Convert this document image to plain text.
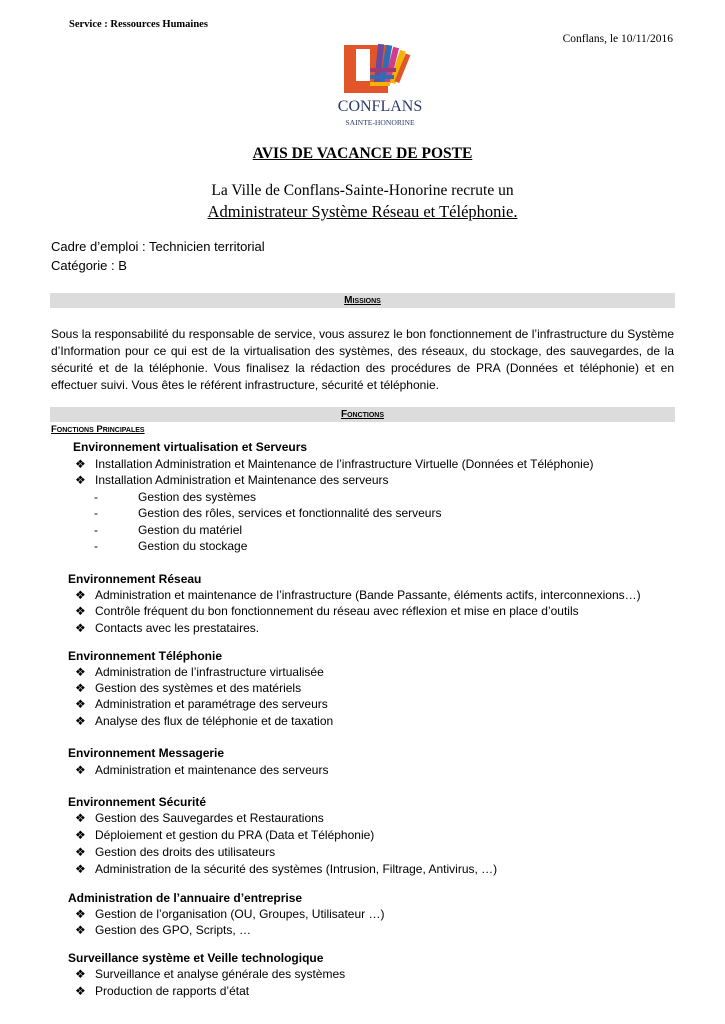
Service : Ressources Humaines
Conflans, le 10/11/2016
CONFLANS
SAINTE-HONORINE
AVIS DE VACANCE DE POSTE
La Ville de Conflans-Sainte-Honorine recrute un
Administrateur Système Réseau et Téléphonie.
Cadre d’emploi : Technicien territorial
Catégorie : B
Missions
Sous la responsabilité du responsable de service, vous assurez le bon fonctionnement de l’infrastructure du Système d’Information pour ce qui est de la virtualisation des systèmes, des réseaux, du stockage, des sauvegardes, de la sécurité et de la téléphonie. Vous finalisez la rédaction des procédures de PRA (Données et téléphonie) et en effectuer suivi. Vous êtes le référent infrastructure, sécurité et téléphonie.
Fonctions
Fonctions Principales
Environnement virtualisation et Serveurs
❖ Installation Administration et Maintenance de l’infrastructure Virtuelle (Données et Téléphonie)
❖ Installation Administration et Maintenance des serveurs
-	Gestion des systèmes
-	Gestion des rôles, services et fonctionnalité des serveurs
-	Gestion du matériel
-	Gestion du stockage
Environnement Réseau
❖ Administration et maintenance de l’infrastructure (Bande Passante, éléments actifs, interconnexions…)
❖ Contrôle fréquent du bon fonctionnement du réseau avec réflexion et mise en place d’outils
❖ Contacts avec les prestataires.
Environnement Téléphonie
❖ Administration de l’infrastructure virtualisée
❖ Gestion des systèmes et des matériels
❖ Administration et paramétrage des serveurs
❖ Analyse des flux de téléphonie et de taxation
Environnement Messagerie
❖ Administration et maintenance des serveurs
Environnement Sécurité
❖ Gestion des Sauvegardes et Restaurations
❖ Déploiement et gestion du PRA (Data et Téléphonie)
❖ Gestion des droits des utilisateurs
❖ Administration de la sécurité des systèmes (Intrusion, Filtrage, Antivirus, …)
Administration de l’annuaire d’entreprise
❖ Gestion de l’organisation (OU, Groupes, Utilisateur …)
❖ Gestion des GPO, Scripts, …
Surveillance système et Veille technologique
❖ Surveillance et analyse générale des systèmes
❖ Production de rapports d’état
